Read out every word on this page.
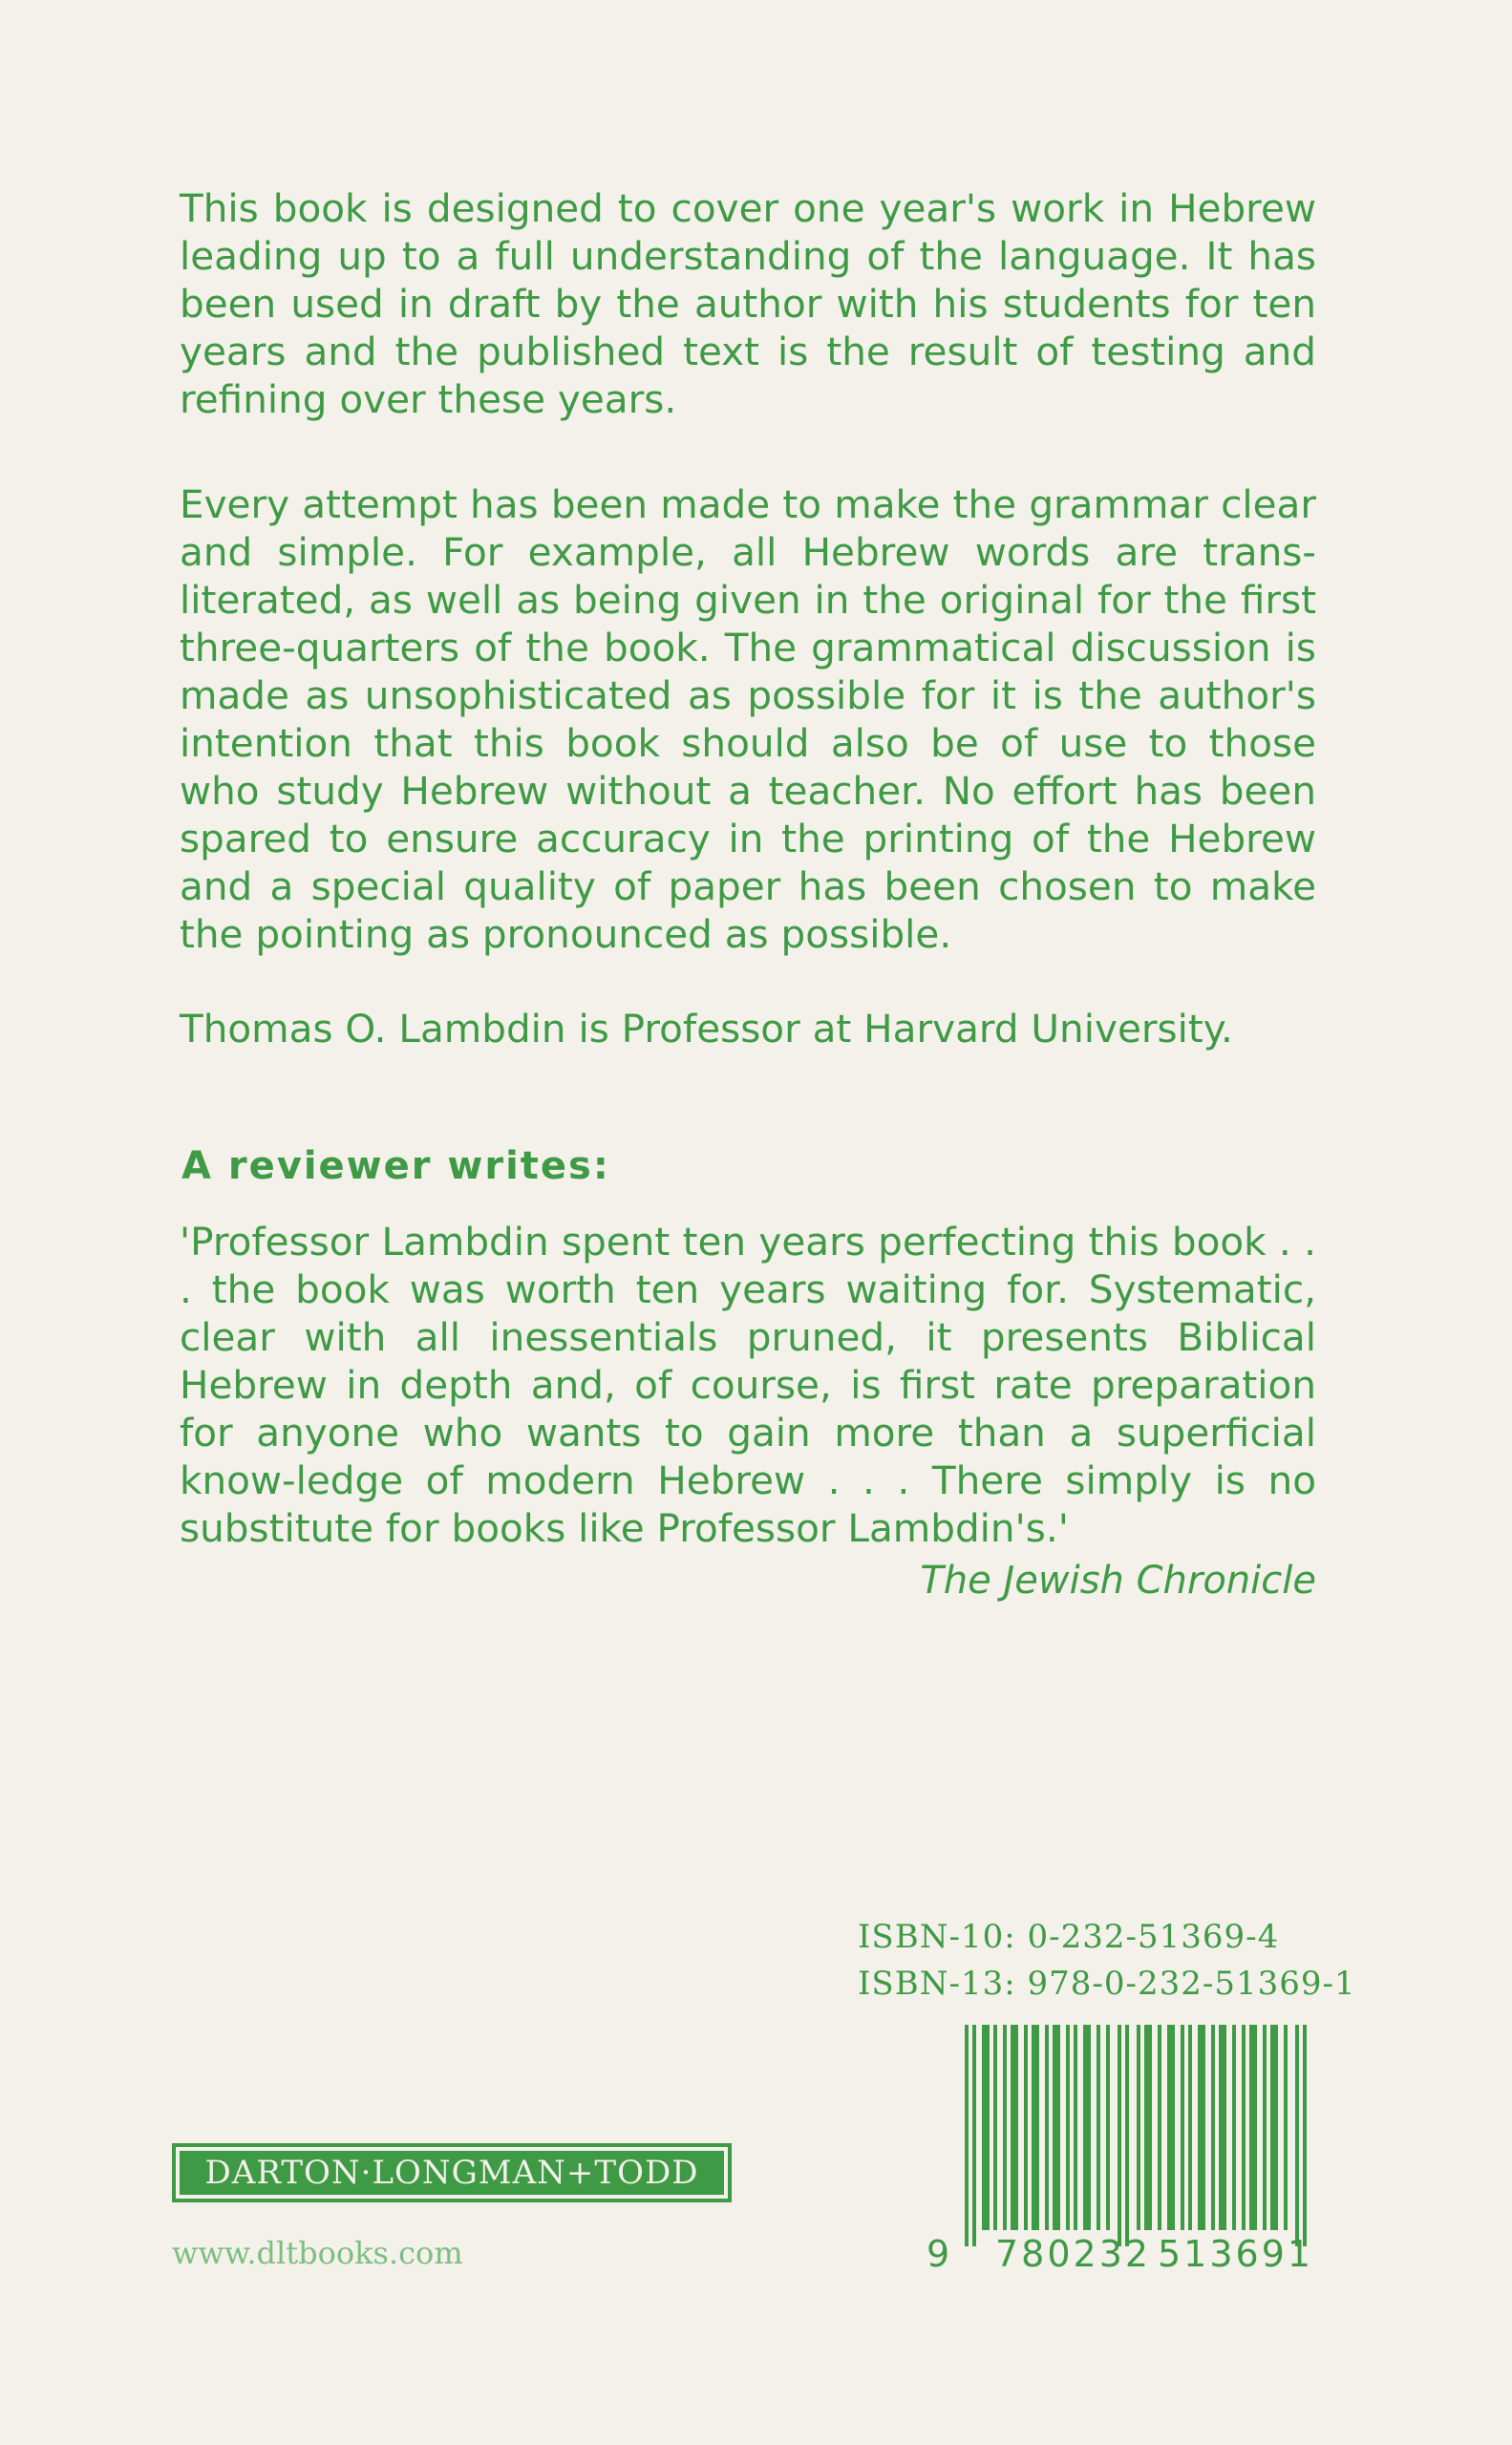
This book is designed to cover one year's work in Hebrew leading up to a full understanding of the language. It has been used in draft by the author with his students for ten years and the published text is the result of testing and refining over these years.

Every attempt has been made to make the grammar clear and simple. For example, all Hebrew words are trans-literated, as well as being given in the original for the first three-quarters of the book. The grammatical discussion is made as unsophisticated as possible for it is the author's intention that this book should also be of use to those who study Hebrew without a teacher. No effort has been spared to ensure accuracy in the printing of the Hebrew and a special quality of paper has been chosen to make the pointing as pronounced as possible.

Thomas O. Lambdin is Professor at Harvard University.

A reviewer writes:

'Professor Lambdin spent ten years perfecting this book . . . the book was worth ten years waiting for. Systematic, clear with all inessentials pruned, it presents Biblical Hebrew in depth and, of course, is first rate preparation for anyone who wants to gain more than a superficial know-ledge of modern Hebrew . . . There simply is no substitute for books like Professor Lambdin's.'

The Jewish Chronicle
ISBN-10: 0-232-51369-4
ISBN-13: 978-0-232-51369-1
9 780232 513691
DARTON·LONGMAN+TODD
www.dltbooks.com
